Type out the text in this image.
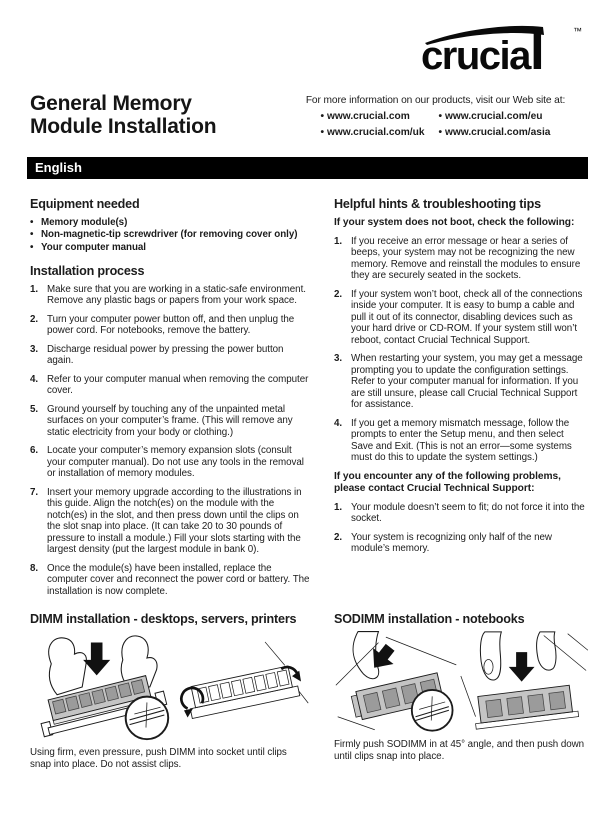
crucial	™
General Memory
Module Installation
For more information on our products, visit our Web site at:
• www.crucial.com
• www.crucial.com/uk
• www.crucial.com/eu
• www.crucial.com/asia
English
Equipment needed
• Memory module(s)
• Non-magnetic-tip screwdriver (for removing cover only)
• Your computer manual
Installation process
Make sure that you are working in a static-safe environment. Remove any plastic bags or papers from your work space.
Turn your computer power button off, and then unplug the power cord. For notebooks, remove the battery.
Discharge residual power by pressing the power button again.
Refer to your computer manual when removing the computer cover.
Ground yourself by touching any of the unpainted metal surfaces on your computer’s frame. (This will remove any static electricity from your body or clothing.)
Locate your computer’s memory expansion slots (consult your computer manual). Do not use any tools in the removal or installation of memory modules.
Insert your memory upgrade according to the illustrations in this guide. Align the notch(es) on the module with the notch(es) in the slot, and then press down until the clips on the slot snap into place. (It can take 20 to 30 pounds of pressure to install a module.) Fill your slots starting with the largest density (put the largest module in bank 0).
Once the module(s) have been installed, replace the computer cover and reconnect the power cord or battery. The installation is now complete.
Helpful hints & troubleshooting tips
If your system does not boot, check the following:
If you receive an error message or hear a series of beeps, your system may not be recognizing the new memory. Remove and reinstall the modules to ensure they are securely seated in the sockets.
If your system won’t boot, check all of the connections inside your computer. It is easy to bump a cable and pull it out of its connector, disabling devices such as your hard drive or CD-ROM. If your system still won’t reboot, contact Crucial Technical Support.
When restarting your system, you may get a message prompting you to update the configuration settings. Refer to your computer manual for information. If you are still unsure, please call Crucial Technical Support for assistance.
If you get a memory mismatch message, follow the prompts to enter the Setup menu, and then select Save and Exit. (This is not an error—some systems must do this to update the system settings.)
If you encounter any of the following problems, please contact Crucial Technical Support:
Your module doesn’t seem to fit; do not force it into the socket.
Your system is recognizing only half of the new module’s memory.
DIMM installation - desktops, servers, printers

Using firm, even pressure, push DIMM into socket until clips snap into place. Do not assist clips.

SODIMM installation - notebooks

Firmly push SODIMM in at 45° angle, and then push down until clips snap into place.
